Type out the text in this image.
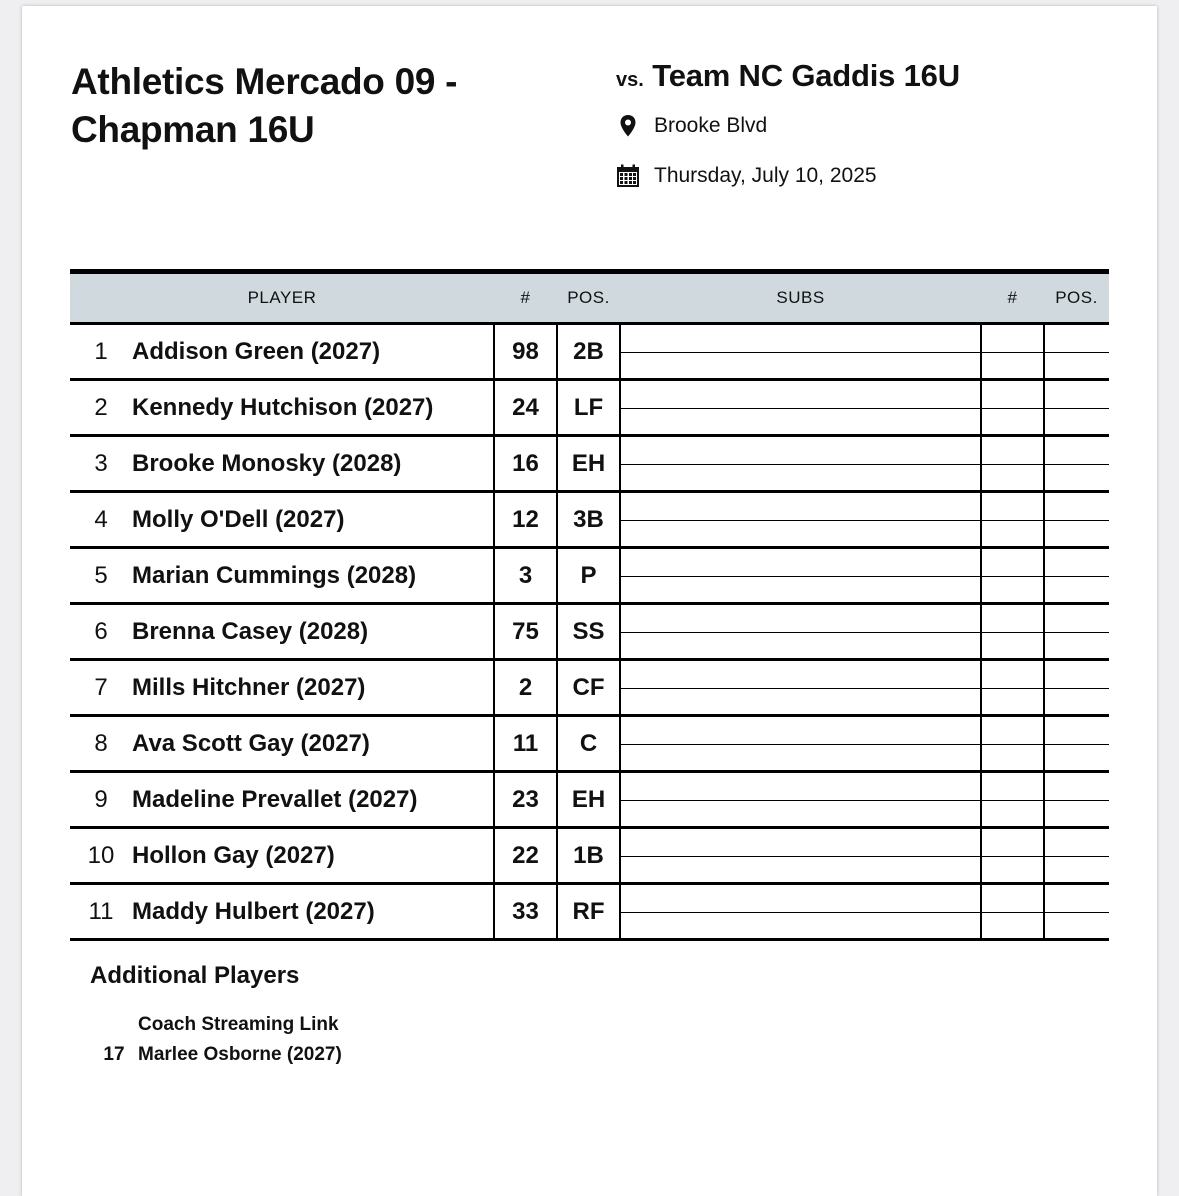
Athletics Mercado 09 - Chapman 16U
vs. Team NC Gaddis 16U
Brooke Blvd
Thursday, July 10, 2025
PLAYER		#	POS.	SUBS	#	POS.
1	Addison Green (2027)	98	2B			
2	Kennedy Hutchison (2027)	24	LF			
3	Brooke Monosky (2028)	16	EH			
4	Molly O'Dell (2027)	12	3B			
5	Marian Cummings (2028)	3	P			
6	Brenna Casey (2028)	75	SS			
7	Mills Hitchner (2027)	2	CF			
8	Ava Scott Gay (2027)	11	C			
9	Madeline Prevallet (2027)	23	EH			
10	Hollon Gay (2027)	22	1B			
11	Maddy Hulbert (2027)	33	RF			
Additional Players
Coach Streaming Link
17 Marlee Osborne (2027)
